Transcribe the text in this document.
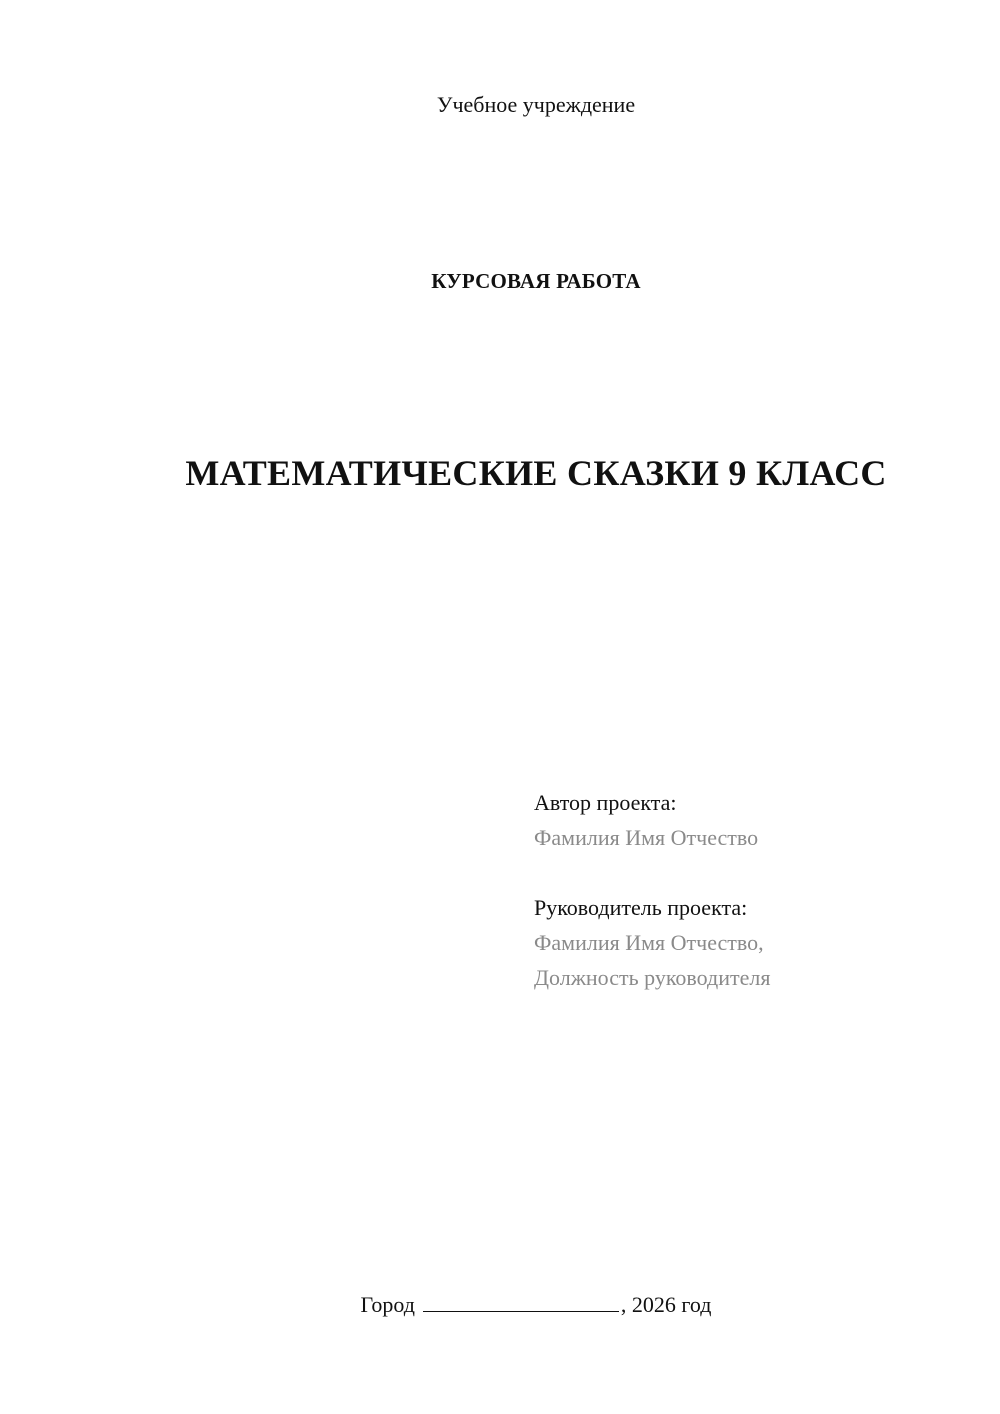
Учебное учреждение
КУРСОВАЯ РАБОТА
МАТЕМАТИЧЕСКИЕ СКАЗКИ 9 КЛАСС
Автор проекта:
Фамилия Имя Отчество
Руководитель проекта:
Фамилия Имя Отчество,
Должность руководителя
Город	, 2026 год
